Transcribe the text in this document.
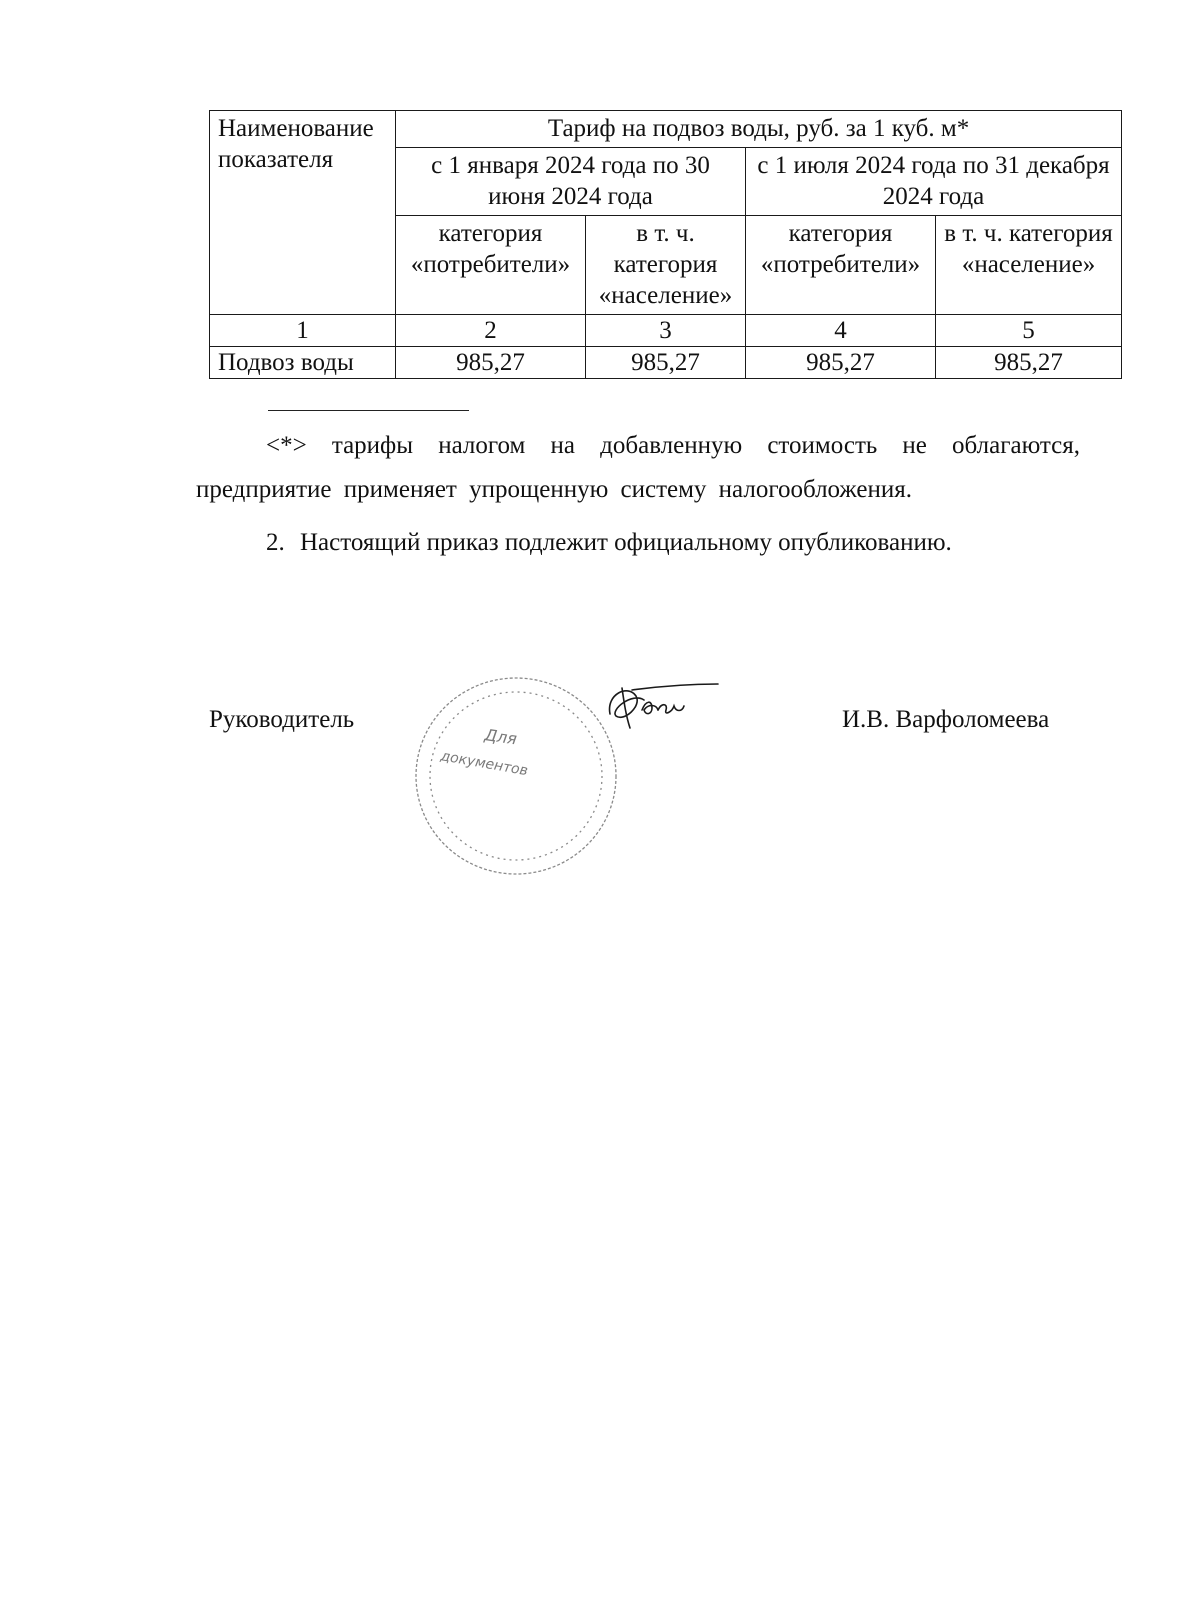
Наименование показателя	Тариф на подвоз воды, руб. за 1 куб. м*			
	с 1 января 2024 года по 30 июня 2024 года		с 1 июля 2024 года по 31 декабря 2024 года	
	категория «потребители»	в т. ч. категория «население»	категория «потребители»	в т. ч. категория «население»
1	2	3	4	5
Подвоз воды	985,27	985,27	985,27	985,27
<*> тарифы налогом на добавленную стоимость не облагаются, предприятие применяет упрощенную систему налогообложения.
2. Настоящий приказ подлежит официальному опубликованию.
Руководитель
Для
документов
И.В. Варфоломеева
